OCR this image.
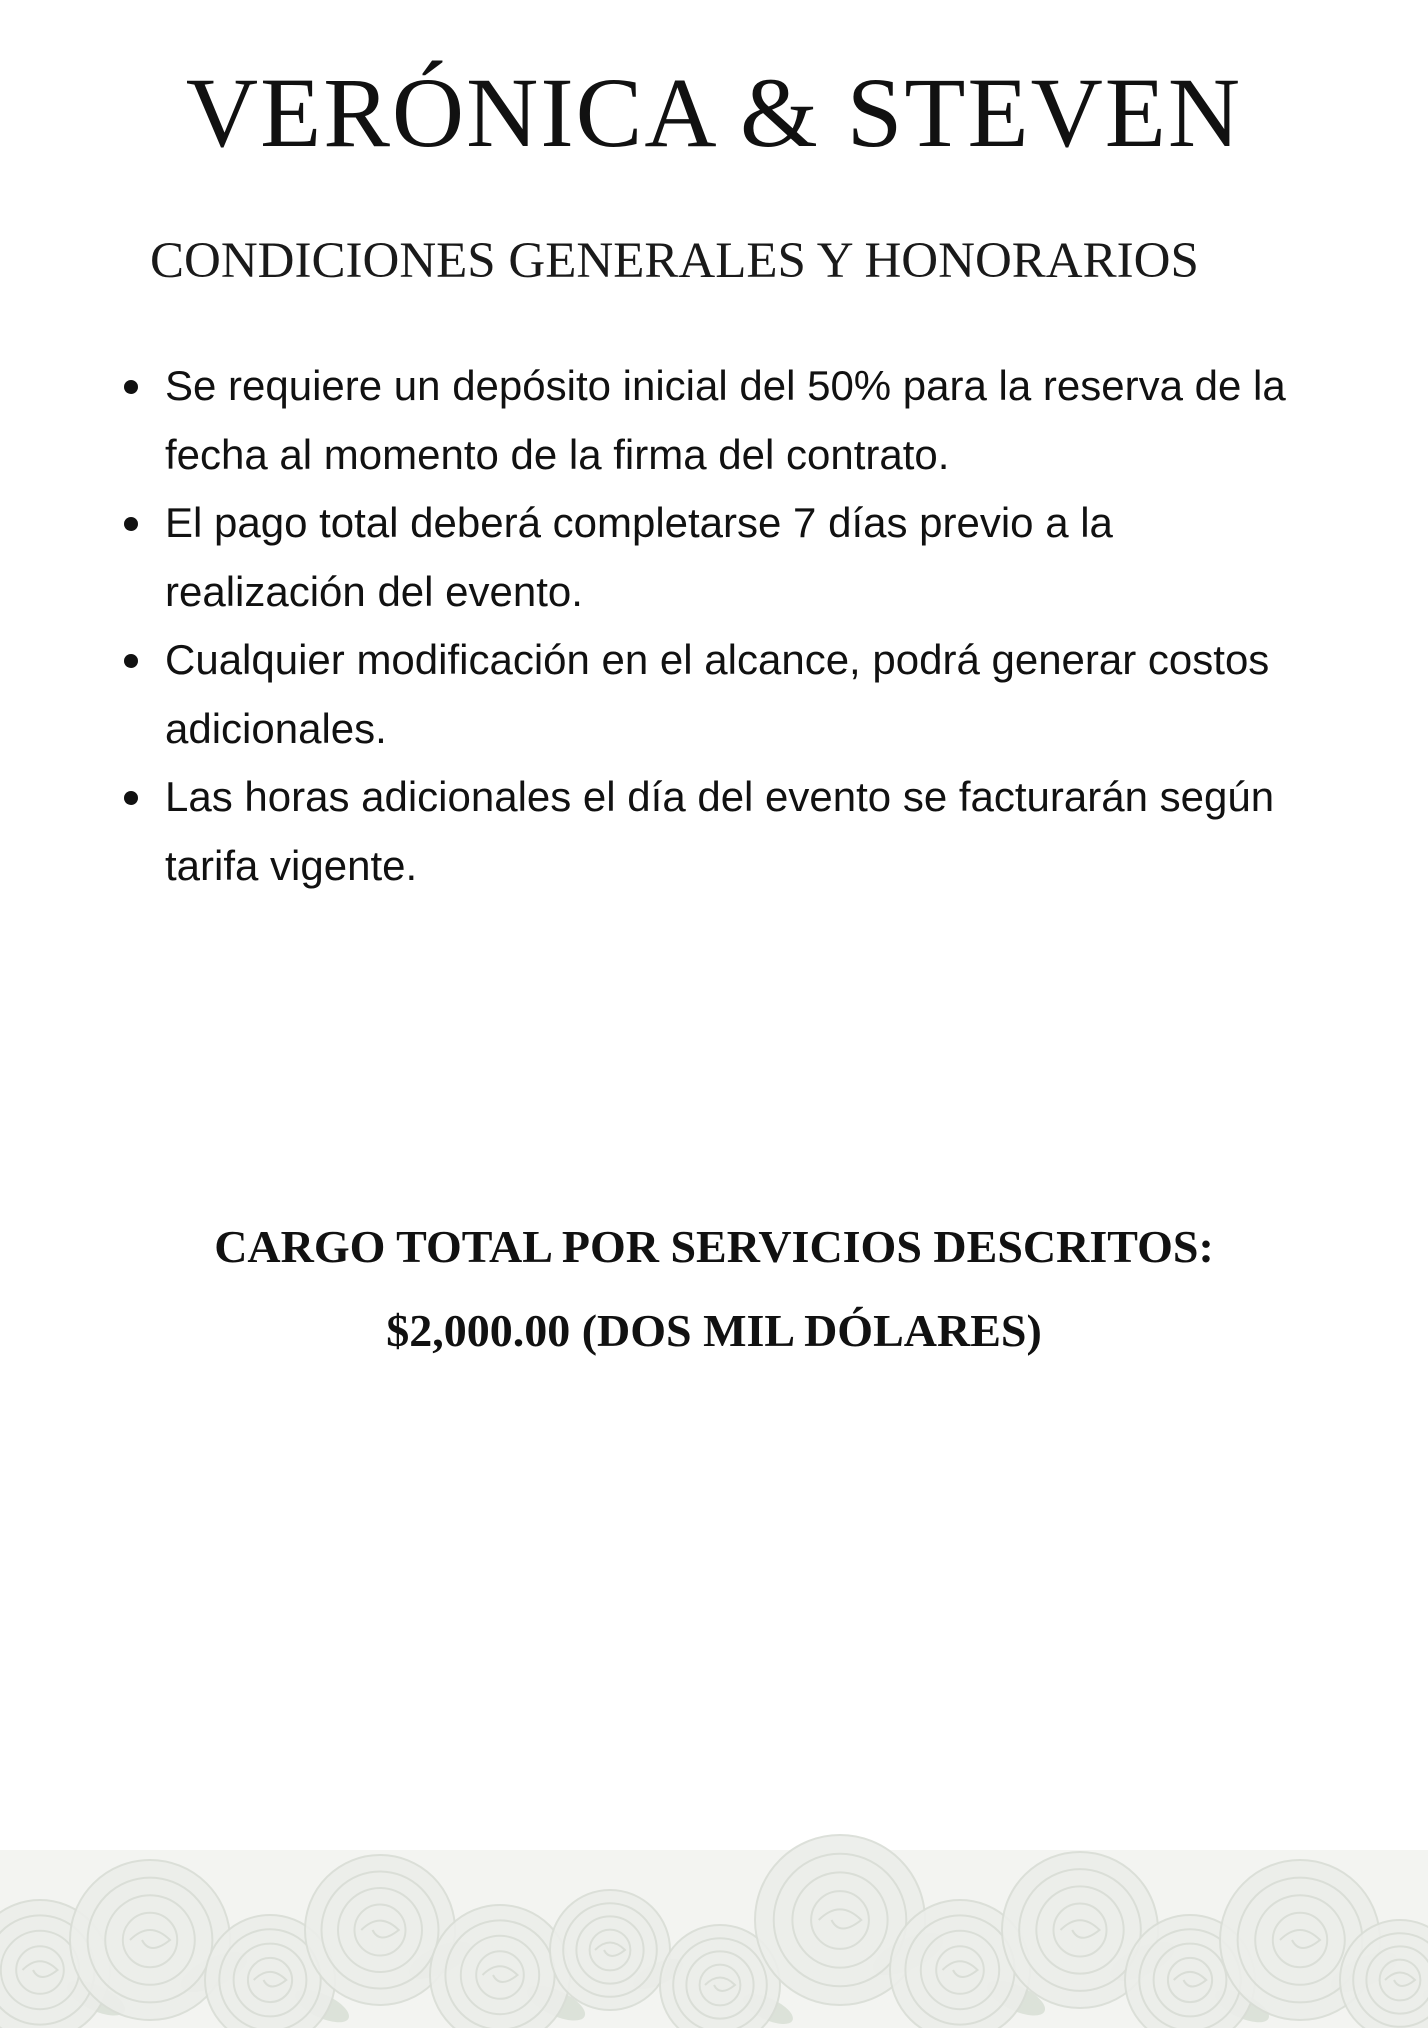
VERÓNICA & STEVEN
CONDICIONES GENERALES Y HONORARIOS
Se requiere un depósito inicial del 50% para la reserva de la fecha al momento de la firma del contrato.
El pago total deberá completarse 7 días previo a la realización del evento.
Cualquier modificación en el alcance, podrá generar costos adicionales.
Las horas adicionales el día del evento se facturarán según tarifa vigente.
CARGO TOTAL POR SERVICIOS DESCRITOS:
$2,000.00 (DOS MIL DÓLARES)
